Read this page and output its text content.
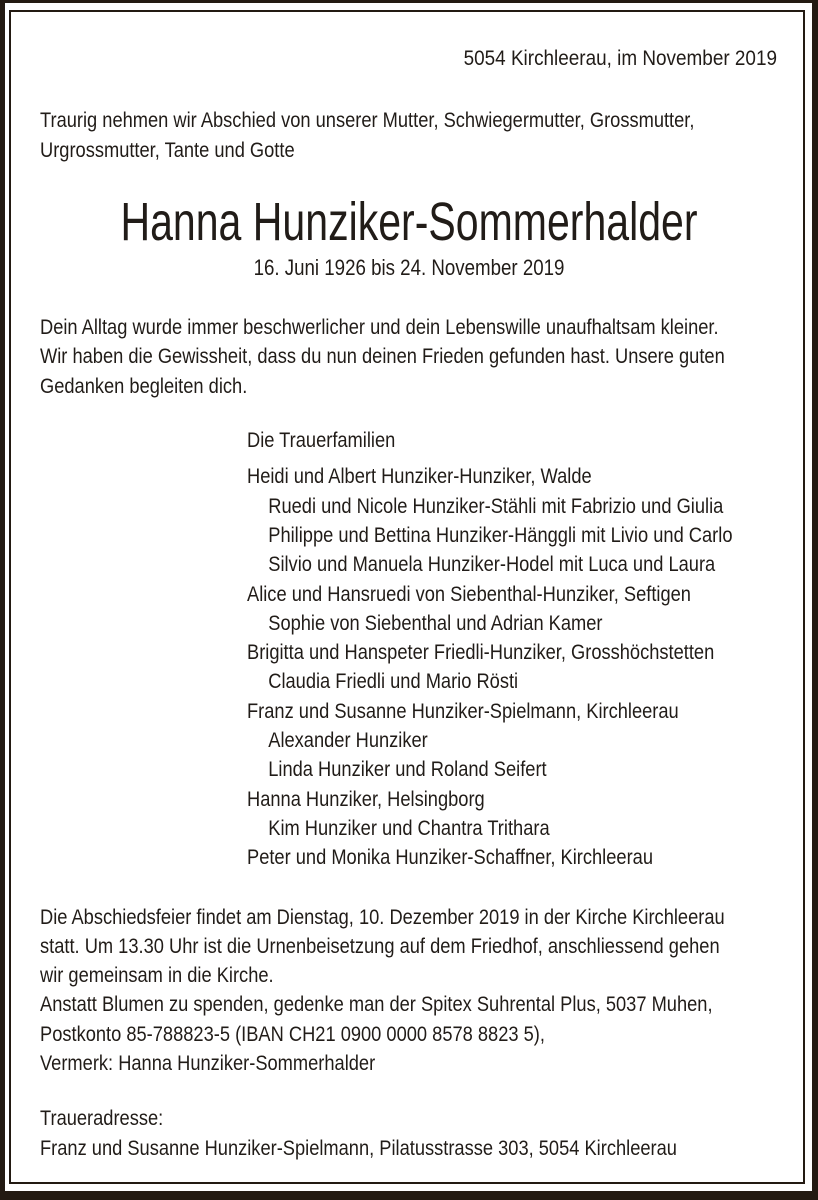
5054 Kirchleerau, im November 2019
Traurig nehmen wir Abschied von unserer Mutter, Schwiegermutter, Grossmutter,
Urgrossmutter, Tante und Gotte
Hanna Hunziker-Sommerhalder
16. Juni 1926 bis 24. November 2019
Dein Alltag wurde immer beschwerlicher und dein Lebenswille unaufhaltsam kleiner.
Wir haben die Gewissheit, dass du nun deinen Frieden gefunden hast. Unsere guten
Gedanken begleiten dich.
Die Trauerfamilien
Heidi und Albert Hunziker-Hunziker, Walde
Ruedi und Nicole Hunziker-Stähli mit Fabrizio und Giulia
Philippe und Bettina Hunziker-Hänggli mit Livio und Carlo
Silvio und Manuela Hunziker-Hodel mit Luca und Laura
Alice und Hansruedi von Siebenthal-Hunziker, Seftigen
Sophie von Siebenthal und Adrian Kamer
Brigitta und Hanspeter Friedli-Hunziker, Grosshöchstetten
Claudia Friedli und Mario Rösti
Franz und Susanne Hunziker-Spielmann, Kirchleerau
Alexander Hunziker
Linda Hunziker und Roland Seifert
Hanna Hunziker, Helsingborg
Kim Hunziker und Chantra Trithara
Peter und Monika Hunziker-Schaffner, Kirchleerau
Die Abschiedsfeier findet am Dienstag, 10. Dezember 2019 in der Kirche Kirchleerau
statt. Um 13.30 Uhr ist die Urnenbeisetzung auf dem Friedhof, anschliessend gehen
wir gemeinsam in die Kirche.
Anstatt Blumen zu spenden, gedenke man der Spitex Suhrental Plus, 5037 Muhen,
Postkonto 85-788823-5 (IBAN CH21 0900 0000 8578 8823 5),
Vermerk: Hanna Hunziker-Sommerhalder
Traueradresse:
Franz und Susanne Hunziker-Spielmann, Pilatusstrasse 303, 5054 Kirchleerau
